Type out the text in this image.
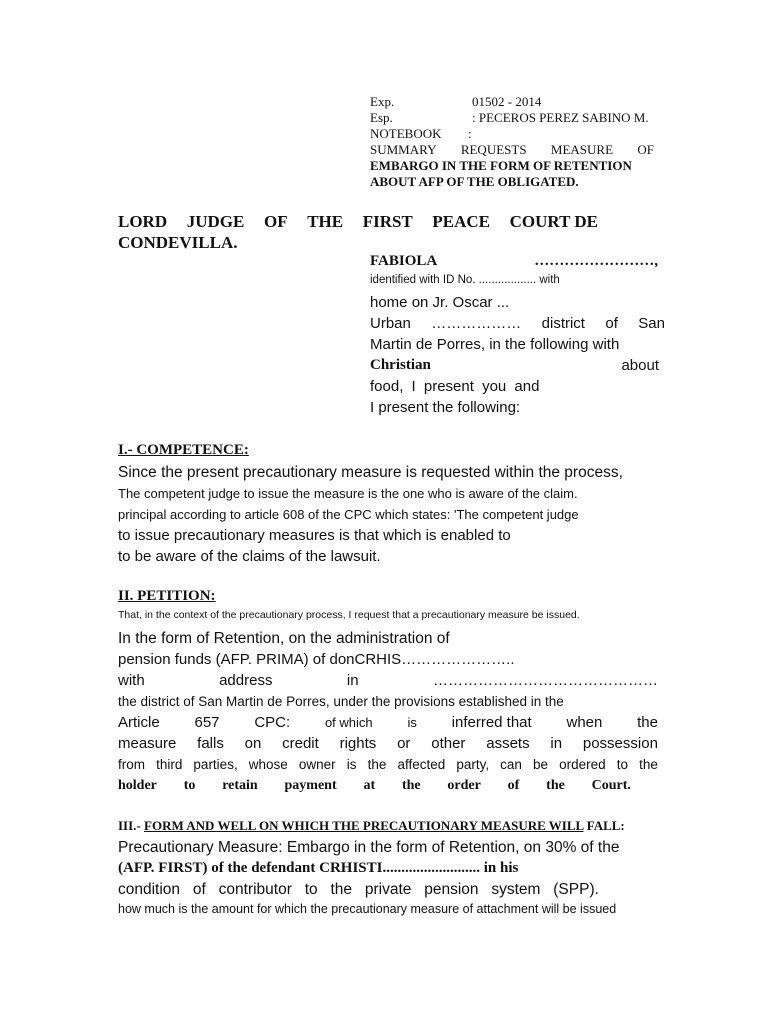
Exp.	01502 - 2014
Esp.	: PECEROS PEREZ SABINO M.
NOTEBOOK :
SUMMARY REQUESTS MEASURE OF
EMBARGO IN THE FORM OF RETENTION
ABOUT AFP OF THE OBLIGATED.
LORD JUDGE OF THE FIRST PEACE COURT DE
CONDEVILLA.
FABIOLA	……………………,
identified with ID No. .................. with
home on Jr. Oscar ...
Urban ……………… district of San
Martin de Porres, in the following with
Christian	about
food, I present you and
I present the following:
I.- COMPETENCE:
Since the present precautionary measure is requested within the process,
The competent judge to issue the measure is the one who is aware of the claim.
principal according to article 608 of the CPC which states: 'The competent judge
to issue precautionary measures is that which is enabled to
to be aware of the claims of the lawsuit.
II. PETITION:
That, in the context of the precautionary process, I request that a precautionary measure be issued.
In the form of Retention, on the administration of
pension funds (AFP. PRIMA) of donCRHIS…………………..
with	address	in	………………………………………
the district of San Martin de Porres, under the provisions established in the
Article 657 CPC:	of which	is inferred that when the
measure falls on credit rights or other assets in possession
from third parties, whose owner is the affected party, can be ordered to the
holder to retain payment at the order of the Court.
III.- FORM AND WELL ON WHICH THE PRECAUTIONARY MEASURE WILL FALL:
Precautionary Measure: Embargo in the form of Retention, on 30% of the
(AFP. FIRST) of the defendant CRHISTI.......................... in his
condition of contributor to the private pension system (SPP).
how much is the amount for which the precautionary measure of attachment will be issued
